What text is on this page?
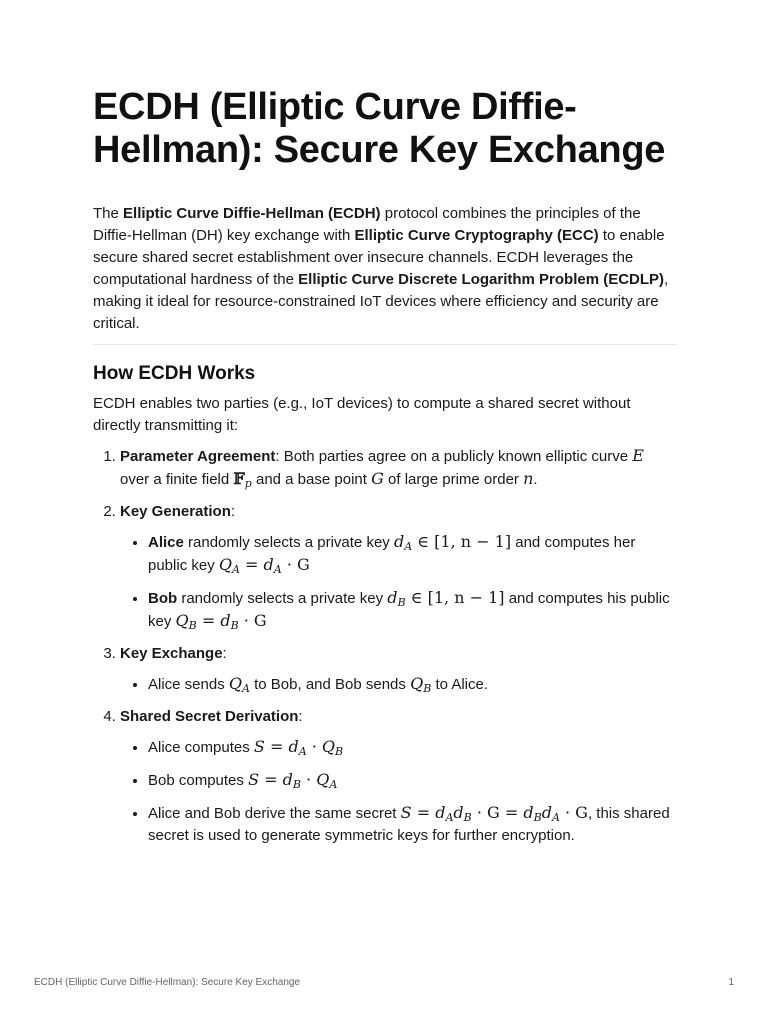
ECDH (Elliptic Curve Diffie-Hellman): Secure Key Exchange

The Elliptic Curve Diffie-Hellman (ECDH) protocol combines the principles of the Diffie-Hellman (DH) key exchange with Elliptic Curve Cryptography (ECC) to enable secure shared secret establishment over insecure channels. ECDH leverages the computational hardness of the Elliptic Curve Discrete Logarithm Problem (ECDLP), making it ideal for resource-constrained IoT devices where efficiency and security are critical.

How ECDH Works

ECDH enables two parties (e.g., IoT devices) to compute a shared secret without directly transmitting it:

1. Parameter Agreement: Both parties agree on a publicly known elliptic curve E over a finite field 𝔽$_p$ and a base point G of large prime order n.
2. Key Generation:
• Alice randomly selects a private key $d_A$ ∈ [1, n − 1] and computes her public key $Q_A = d_A \cdot G$
• Bob randomly selects a private key $d_B$ ∈ [1, n − 1] and computes his public key $Q_B = d_B \cdot G$
3. Key Exchange:
• Alice sends $Q_A$ to Bob, and Bob sends $Q_B$ to Alice.
4. Shared Secret Derivation:
• Alice computes $S = d_A \cdot Q_B$
• Bob computes $S = d_B \cdot Q_A$
• Alice and Bob derive the same secret $S = d_Ad_B \cdot G = d_Bd_A \cdot G$, this shared secret is used to generate symmetric keys for further encryption.
ECDH (Elliptic Curve Diffie-Hellman): Secure Key Exchange	1
